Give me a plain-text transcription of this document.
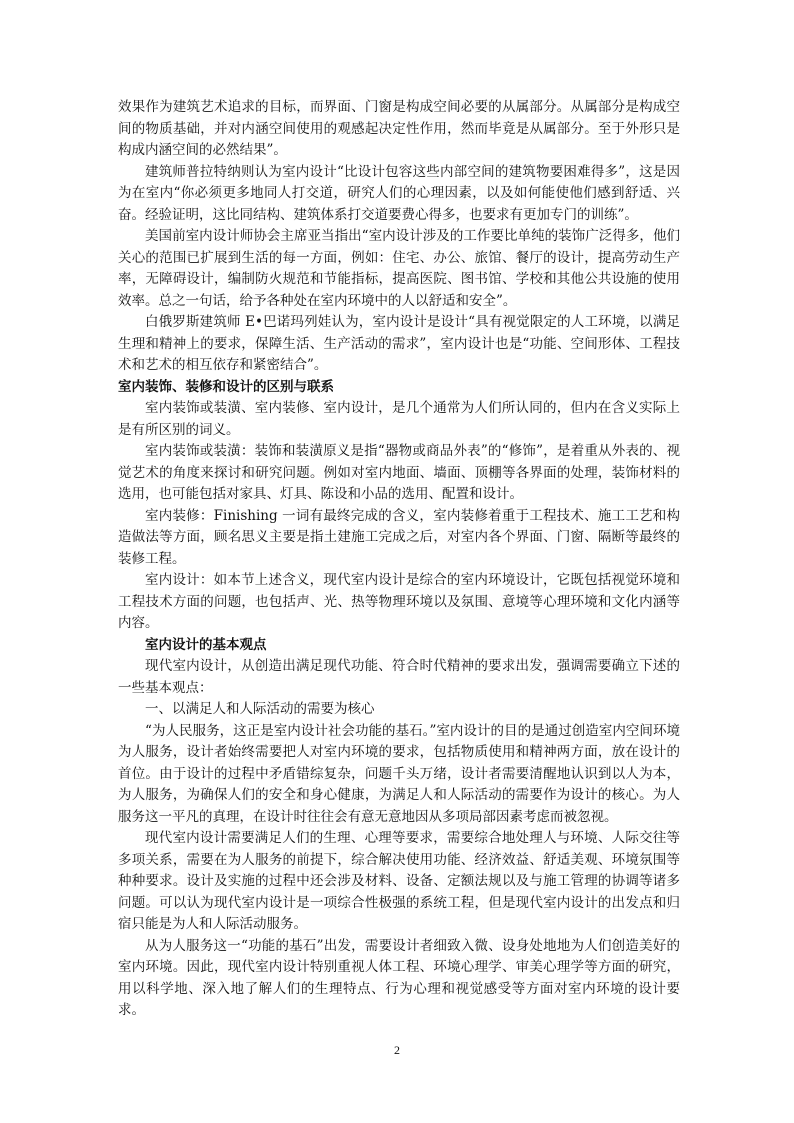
效果作为建筑艺术追求的目标，而界面、门窗是构成空间必要的从属部分。从属部分是构成空间的物质基础，并对内涵空间使用的观感起决定性作用，然而毕竟是从属部分。至于外形只是构成内涵空间的必然结果”。

建筑师普拉特纳则认为室内设计“比设计包容这些内部空间的建筑物要困难得多”，这是因为在室内“你必须更多地同人打交道，研究人们的心理因素，以及如何能使他们感到舒适、兴奋。经验证明，这比同结构、建筑体系打交道要费心得多，也要求有更加专门的训练”。

美国前室内设计师协会主席亚当指出“室内设计涉及的工作要比单纯的装饰广泛得多，他们关心的范围已扩展到生活的每一方面，例如：住宅、办公、旅馆、餐厅的设计，提高劳动生产率，无障碍设计，编制防火规范和节能指标，提高医院、图书馆、学校和其他公共设施的使用效率。总之一句话，给予各种处在室内环境中的人以舒适和安全”。

白俄罗斯建筑师 E•巴诺玛列娃认为，室内设计是设计“具有视觉限定的人工环境，以满足生理和精神上的要求，保障生活、生产活动的需求”，室内设计也是“功能、空间形体、工程技术和艺术的相互依存和紧密结合”。

室内装饰、装修和设计的区别与联系

室内装饰或装潢、室内装修、室内设计，是几个通常为人们所认同的，但内在含义实际上是有所区别的词义。

室内装饰或装潢：装饰和装潢原义是指“器物或商品外表”的“修饰”，是着重从外表的、视觉艺术的角度来探讨和研究问题。例如对室内地面、墙面、顶棚等各界面的处理，装饰材料的选用，也可能包括对家具、灯具、陈设和小品的选用、配置和设计。

室内装修：Finishing 一词有最终完成的含义，室内装修着重于工程技术、施工工艺和构造做法等方面，顾名思义主要是指土建施工完成之后，对室内各个界面、门窗、隔断等最终的装修工程。

室内设计：如本节上述含义，现代室内设计是综合的室内环境设计，它既包括视觉环境和工程技术方面的问题，也包括声、光、热等物理环境以及氛围、意境等心理环境和文化内涵等内容。

室内设计的基本观点

现代室内设计，从创造出满足现代功能、符合时代精神的要求出发，强调需要确立下述的一些基本观点：

一、以满足人和人际活动的需要为核心

“为人民服务，这正是室内设计社会功能的基石。”室内设计的目的是通过创造室内空间环境为人服务，设计者始终需要把人对室内环境的要求，包括物质使用和精神两方面，放在设计的首位。由于设计的过程中矛盾错综复杂，问题千头万绪，设计者需要清醒地认识到以人为本，为人服务，为确保人们的安全和身心健康，为满足人和人际活动的需要作为设计的核心。为人服务这一平凡的真理，在设计时往往会有意无意地因从多项局部因素考虑而被忽视。

现代室内设计需要满足人们的生理、心理等要求，需要综合地处理人与环境、人际交往等多项关系，需要在为人服务的前提下，综合解决使用功能、经济效益、舒适美观、环境氛围等种种要求。设计及实施的过程中还会涉及材料、设备、定额法规以及与施工管理的协调等诸多问题。可以认为现代室内设计是一项综合性极强的系统工程，但是现代室内设计的出发点和归宿只能是为人和人际活动服务。

从为人服务这一“功能的基石”出发，需要设计者细致入微、设身处地地为人们创造美好的室内环境。因此，现代室内设计特别重视人体工程、环境心理学、审美心理学等方面的研究，用以科学地、深入地了解人们的生理特点、行为心理和视觉感受等方面对室内环境的设计要求。

2
